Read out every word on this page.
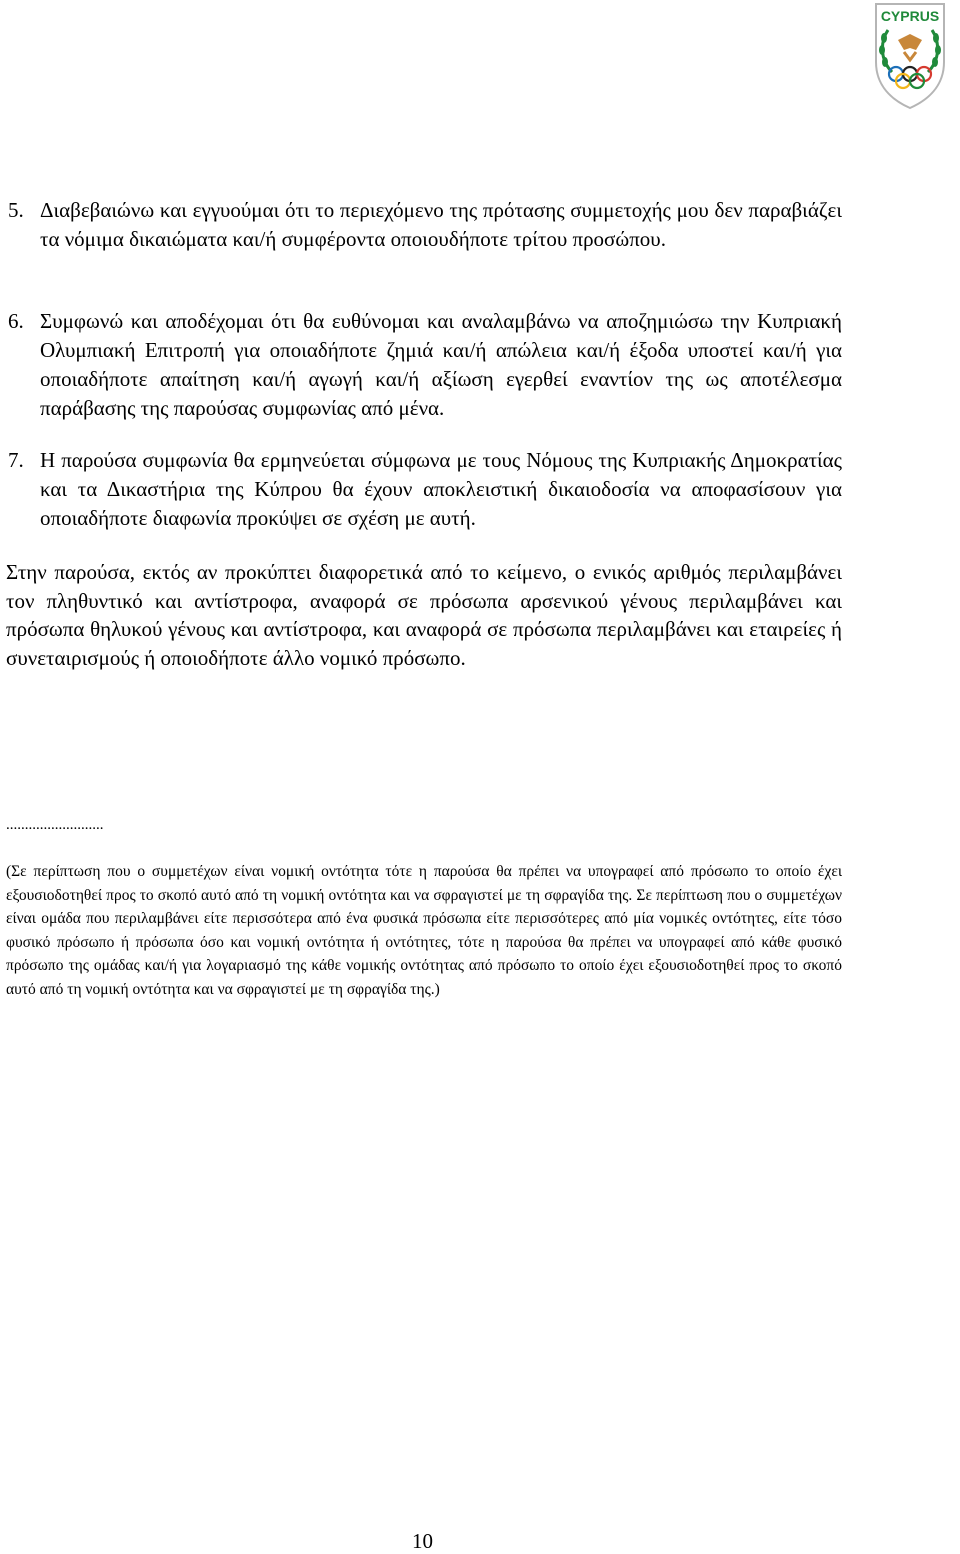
CYPRUS
5. Διαβεβαιώνω και εγγυούμαι ότι το περιεχόμενο της πρότασης συμμετοχής μου δεν παραβιάζει τα νόμιμα δικαιώματα και/ή συμφέροντα οποιουδήποτε τρίτου προσώπου.
6. Συμφωνώ και αποδέχομαι ότι θα ευθύνομαι και αναλαμβάνω να αποζημιώσω την Κυπριακή Ολυμπιακή Επιτροπή για οποιαδήποτε ζημιά και/ή απώλεια και/ή έξοδα υποστεί και/ή για οποιαδήποτε απαίτηση και/ή αγωγή και/ή αξίωση εγερθεί εναντίον της ως αποτέλεσμα παράβασης της παρούσας συμφωνίας από μένα.
7. Η παρούσα συμφωνία θα ερμηνεύεται σύμφωνα με τους Νόμους της Κυπριακής Δημοκρατίας και τα Δικαστήρια της Κύπρου θα έχουν αποκλειστική δικαιοδοσία να αποφασίσουν για οποιαδήποτε διαφωνία προκύψει σε σχέση με αυτή.
Στην παρούσα, εκτός αν προκύπτει διαφορετικά από το κείμενο, ο ενικός αριθμός περιλαμβάνει τον πληθυντικό και αντίστροφα, αναφορά σε πρόσωπα αρσενικού γένους περιλαμβάνει και πρόσωπα θηλυκού γένους και αντίστροφα, και αναφορά σε πρόσωπα περιλαμβάνει και εταιρείες ή συνεταιρισμούς ή οποιοδήποτε άλλο νομικό πρόσωπο.
..........................
(Σε περίπτωση που ο συμμετέχων είναι νομική οντότητα τότε η παρούσα θα πρέπει να υπογραφεί από πρόσωπο το οποίο έχει εξουσιοδοτηθεί προς το σκοπό αυτό από τη νομική οντότητα και να σφραγιστεί με τη σφραγίδα της. Σε περίπτωση που ο συμμετέχων είναι ομάδα που περιλαμβάνει είτε περισσότερα από ένα φυσικά πρόσωπα είτε περισσότερες από μία νομικές οντότητες, είτε τόσο φυσικό πρόσωπο ή πρόσωπα όσο και νομική οντότητα ή οντότητες, τότε η παρούσα θα πρέπει να υπογραφεί από κάθε φυσικό πρόσωπο της ομάδας και/ή για λογαριασμό της κάθε νομικής οντότητας από πρόσωπο το οποίο έχει εξουσιοδοτηθεί προς το σκοπό αυτό από τη νομική οντότητα και να σφραγιστεί με τη σφραγίδα της.)
10
